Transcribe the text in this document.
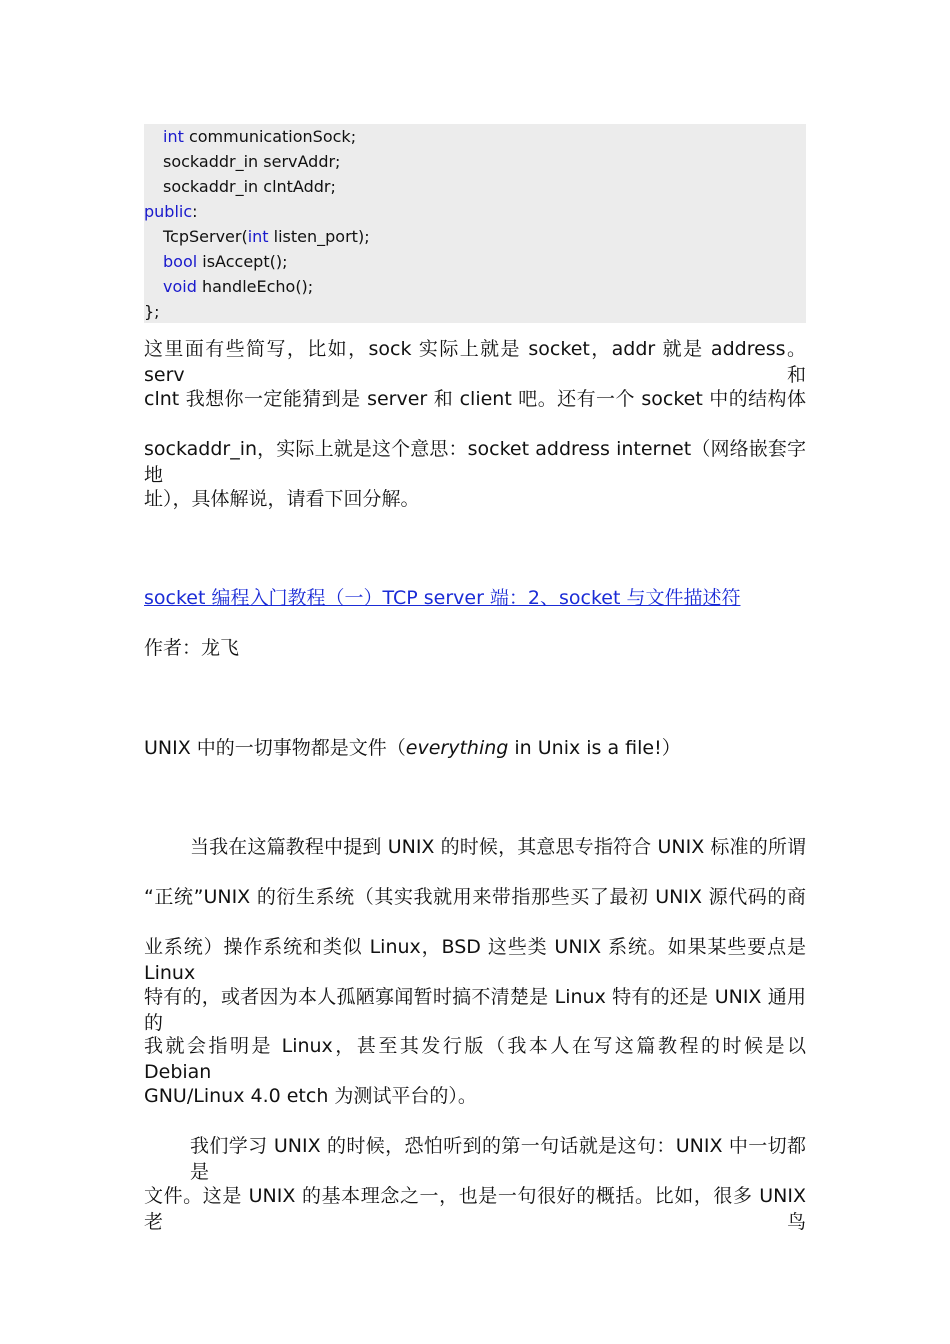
int communicationSock;
sockaddr_in servAddr;
sockaddr_in clntAddr;
public:
TcpServer(int listen_port);
bool isAccept();
void handleEcho();
};
这里面有些简写，比如，sock 实际上就是 socket，addr 就是 address。serv 和
clnt 我想你一定能猜到是 server 和 client 吧。还有一个 socket 中的结构体
sockaddr_in，实际上就是这个意思：socket address internet（网络嵌套字地
址），具体解说，请看下回分解。
socket 编程入门教程（一）TCP server 端：2、socket 与文件描述符
作者：龙飞
UNIX 中的一切事物都是文件（everything in Unix is a file!）
当我在这篇教程中提到 UNIX 的时候，其意思专指符合 UNIX 标准的所谓
“正统”UNIX 的衍生系统（其实我就用来带指那些买了最初 UNIX 源代码的商
业系统）操作系统和类似 Linux，BSD 这些类 UNIX 系统。如果某些要点是 Linux
特有的，或者因为本人孤陋寡闻暂时搞不清楚是 Linux 特有的还是 UNIX 通用的
我就会指明是 Linux，甚至其发行版（我本人在写这篇教程的时候是以 Debian
GNU/Linux 4.0 etch 为测试平台的）。
我们学习 UNIX 的时候，恐怕听到的第一句话就是这句：UNIX 中一切都是
文件。这是 UNIX 的基本理念之一，也是一句很好的概括。比如，很多 UNIX 老鸟
